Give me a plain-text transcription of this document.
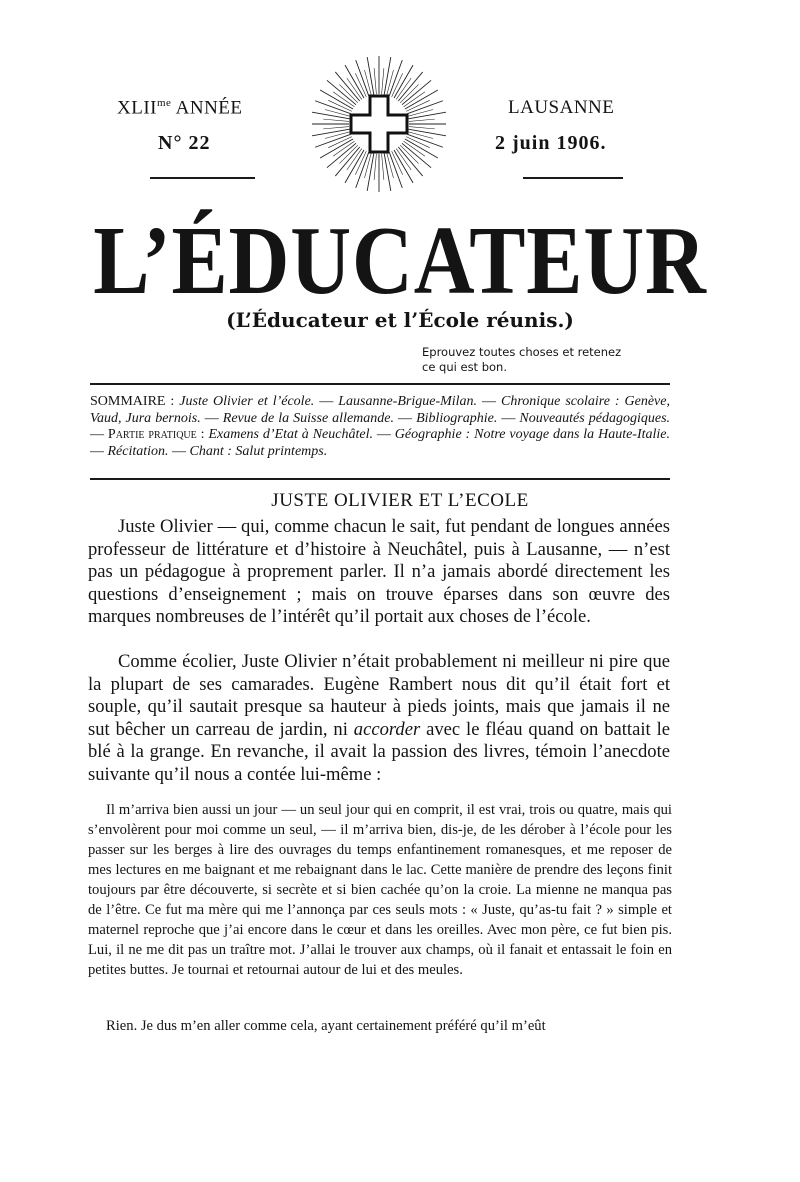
$XLII^{me}$ ANNÉE
N° 22
LAUSANNE
2 juin 1906.
L’ÉDUCATEUR
(L’Éducateur et l’École réunis.)
Eprouvez toutes choses et retenez
ce qui est bon.
SOMMAIRE : Juste Olivier et l’école. — Lausanne-Brigue-Milan. — Chronique scolaire : Genève, Vaud, Jura bernois. — Revue de la Suisse allemande. — Bibliographie. — Nouveautés pédagogiques. — Partie pratique : Examens d’Etat à Neuchâtel. — Géographie : Notre voyage dans la Haute-Italie. — Récitation. — Chant : Salut printemps.
JUSTE OLIVIER ET L’ECOLE

Juste Olivier — qui, comme chacun le sait, fut pendant de longues années professeur de littérature et d’histoire à Neuchâtel, puis à Lausanne, — n’est pas un pédagogue à proprement parler. Il n’a jamais abordé directement les questions d’enseignement ; mais on trouve éparses dans son œuvre des marques nombreuses de l’intérêt qu’il portait aux choses de l’école.

Comme écolier, Juste Olivier n’était probablement ni meilleur ni pire que la plupart de ses camarades. Eugène Rambert nous dit qu’il était fort et souple, qu’il sautait presque sa hauteur à pieds joints, mais que jamais il ne sut bêcher un carreau de jardin, ni accorder avec le fléau quand on battait le blé à la grange. En revanche, il avait la passion des livres, témoin l’anecdote suivante qu’il nous a contée lui-même :

Il m’arriva bien aussi un jour — un seul jour qui en comprit, il est vrai, trois ou quatre, mais qui s’envolèrent pour moi comme un seul, — il m’arriva bien, dis-je, de les dérober à l’école pour les passer sur les berges à lire des ouvrages du temps enfantinement romanesques, et me reposer de mes lectures en me baignant et me rebaignant dans le lac. Cette manière de prendre des leçons finit toujours par être découverte, si secrète et si bien cachée qu’on la croie. La mienne ne manqua pas de l’être. Ce fut ma mère qui me l’annonça par ces seuls mots : « Juste, qu’as-tu fait ? » simple et maternel reproche que j’ai encore dans le cœur et dans les oreilles. Avec mon père, ce fut bien pis. Lui, il ne me dit pas un traître mot. J’allai le trouver aux champs, où il fanait et entassait le foin en petites buttes. Je tournai et retournai autour de lui et des meules.

Rien. Je dus m’en aller comme cela, ayant certainement préféré qu’il m’eût
